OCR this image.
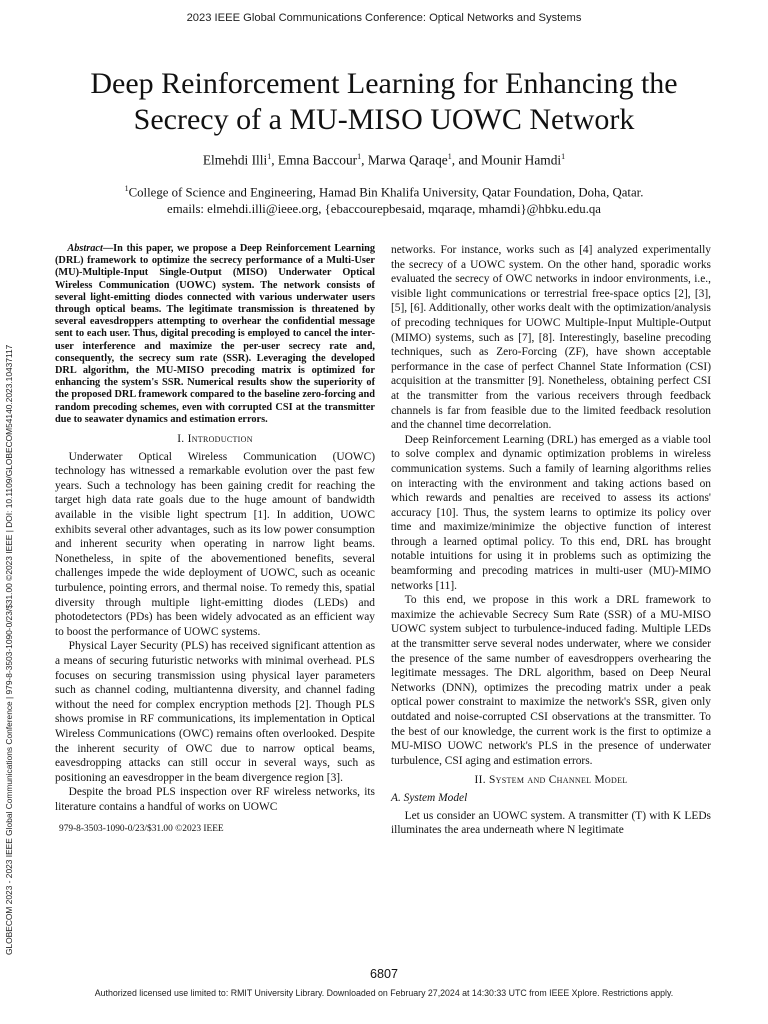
2023 IEEE Global Communications Conference: Optical Networks and Systems
Deep Reinforcement Learning for Enhancing the
Secrecy of a MU-MISO UOWC Network
Elmehdi Illi$^1$, Emna Baccour$^1$, Marwa Qaraqe$^1$, and Mounir Hamdi$^1$
$^1$College of Science and Engineering, Hamad Bin Khalifa University, Qatar Foundation, Doha, Qatar.
emails: elmehdi.illi@ieee.org, {ebaccourepbesaid, mqaraqe, mhamdi}@hbku.edu.qa

Abstract—In this paper, we propose a Deep Reinforcement Learning (DRL) framework to optimize the secrecy performance of a Multi-User (MU)-Multiple-Input Single-Output (MISO) Underwater Optical Wireless Communication (UOWC) system. The network consists of several light-emitting diodes connected with various underwater users through optical beams. The legitimate transmission is threatened by several eavesdroppers attempting to overhear the confidential message sent to each user. Thus, digital precoding is employed to cancel the inter-user interference and maximize the per-user secrecy rate and, consequently, the secrecy sum rate (SSR). Leveraging the developed DRL algorithm, the MU-MISO precoding matrix is optimized for enhancing the system's SSR. Numerical results show the superiority of the proposed DRL framework compared to the baseline zero-forcing and random precoding schemes, even with corrupted CSI at the transmitter due to seawater dynamics and estimation errors.

I. Introduction

Underwater Optical Wireless Communication (UOWC) technology has witnessed a remarkable evolution over the past few years. Such a technology has been gaining credit for reaching the target high data rate goals due to the huge amount of bandwidth available in the visible light spectrum [1]. In addition, UOWC exhibits several other advantages, such as its low power consumption and inherent security when operating in narrow light beams. Nonetheless, in spite of the abovementioned benefits, several challenges impede the wide deployment of UOWC, such as oceanic turbulence, pointing errors, and thermal noise. To remedy this, spatial diversity through multiple light-emitting diodes (LEDs) and photodetectors (PDs) has been widely advocated as an efficient way to boost the performance of UOWC systems.

Physical Layer Security (PLS) has received significant attention as a means of securing futuristic networks with minimal overhead. PLS focuses on securing transmission using physical layer parameters such as channel coding, multiantenna diversity, and channel fading without the need for complex encryption methods [2]. Though PLS shows promise in RF communications, its implementation in Optical Wireless Communications (OWC) remains often overlooked. Despite the inherent security of OWC due to narrow optical beams, eavesdropping attacks can still occur in several ways, such as positioning an eavesdropper in the beam divergence region [3].

Despite the broad PLS inspection over RF wireless networks, its literature contains a handful of works on UOWC

979-8-3503-1090-0/23/$31.00 ©2023 IEEE

networks. For instance, works such as [4] analyzed experimentally the secrecy of a UOWC system. On the other hand, sporadic works evaluated the secrecy of OWC networks in indoor environments, i.e., visible light communications or terrestrial free-space optics [2], [3], [5], [6]. Additionally, other works dealt with the optimization/analysis of precoding techniques for UOWC Multiple-Input Multiple-Output (MIMO) systems, such as [7], [8]. Interestingly, baseline precoding techniques, such as Zero-Forcing (ZF), have shown acceptable performance in the case of perfect Channel State Information (CSI) acquisition at the transmitter [9]. Nonetheless, obtaining perfect CSI at the transmitter from the various receivers through feedback channels is far from feasible due to the limited feedback resolution and the channel time decorrelation.

Deep Reinforcement Learning (DRL) has emerged as a viable tool to solve complex and dynamic optimization problems in wireless communication systems. Such a family of learning algorithms relies on interacting with the environment and taking actions based on which rewards and penalties are received to assess its actions' accuracy [10]. Thus, the system learns to optimize its policy over time and maximize/minimize the objective function of interest through a learned optimal policy. To this end, DRL has brought notable intuitions for using it in problems such as optimizing the beamforming and precoding matrices in multi-user (MU)-MIMO networks [11].

To this end, we propose in this work a DRL framework to maximize the achievable Secrecy Sum Rate (SSR) of a MU-MISO UOWC system subject to turbulence-induced fading. Multiple LEDs at the transmitter serve several nodes underwater, where we consider the presence of the same number of eavesdroppers overhearing the legitimate messages. The DRL algorithm, based on Deep Neural Networks (DNN), optimizes the precoding matrix under a peak optical power constraint to maximize the network's SSR, given only outdated and noise-corrupted CSI observations at the transmitter. To the best of our knowledge, the current work is the first to optimize a MU-MISO UOWC network's PLS in the presence of underwater turbulence, CSI aging and estimation errors.

II. System and Channel Model
A. System Model

Let us consider an UOWC system. A transmitter (T) with K LEDs illuminates the area underneath where N legitimate

GLOBECOM 2023 - 2023 IEEE Global Communications Conference | 979-8-3503-1090-0/23/$31.00 ©2023 IEEE | DOI: 10.1109/GLOBECOM54140.2023.10437117
6807
Authorized licensed use limited to: RMIT University Library. Downloaded on February 27,2024 at 14:30:33 UTC from IEEE Xplore. Restrictions apply.
